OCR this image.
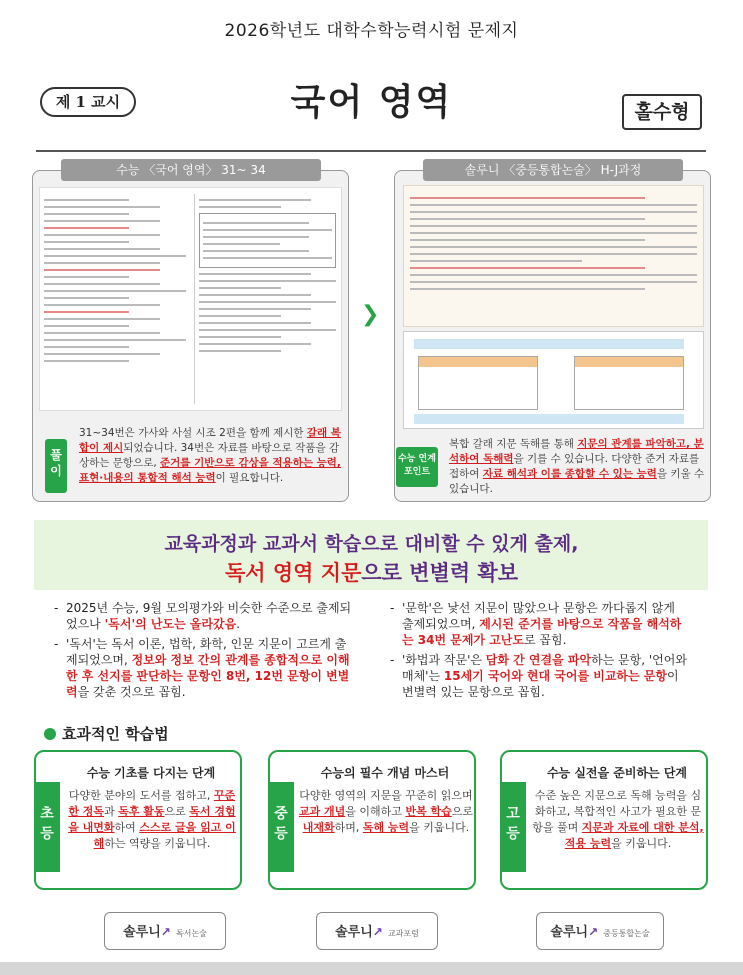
2026학년도 대학수학능력시험 문제지
제 1 교시	국어 영역	홀수형
수능 〈국어 영역〉 31~ 34
풀이
31~34번은 가사와 사설 시조 2편을 함께 제시한 갈래 복합이 제시되었습니다. 34번은 자료를 바탕으로 작품을 감상하는 문항으로, 준거를 기반으로 감상을 적용하는 능력, 표현·내용의 통합적 해석 능력이 필요합니다.
❯
솔루니 〈중등통합논술〉 H-J과정
복합 갈래 지문 독해를 통해 지문의 관계를 파악하고, 분석하여 독해력을 기를 수 있습니다. 다양한 준거 자료를 접하여 자료 해석과 이를 종합할 수 있는 능력을 키울 수 있습니다.
수능 연계 포인트
교육과정과 교과서 학습으로 대비할 수 있게 출제,
독서 영역 지문으로 변별력 확보
- 2025년 수능, 9월 모의평가와 비슷한 수준으로 출제되었으나 '독서'의 난도는 올라갔음.
- '독서'는 독서 이론, 법학, 화학, 인문 지문이 고르게 출제되었으며, 정보와 정보 간의 관계를 종합적으로 이해한 후 선지를 판단하는 문항인 8번, 12번 문항이 변별력을 갖춘 것으로 꼽힘.
- '문학'은 낯선 지문이 많았으나 문항은 까다롭지 않게 출제되었으며, 제시된 준거를 바탕으로 작품을 해석하는 34번 문제가 고난도로 꼽힘.
- '화법과 작문'은 담화 간 연결을 파악하는 문항, '언어와 매체'는 15세기 국어와 현대 국어를 비교하는 문항이 변별력 있는 문항으로 꼽힘.
효과적인 학습법
초등
수능 기초를 다지는 단계
다양한 분야의 도서를 접하고, 꾸준한 정독과 독후 활동으로 독서 경험을 내면화하여 스스로 글을 읽고 이해하는 역량을 키웁니다.
중등
수능의 필수 개념 마스터
다양한 영역의 지문을 꾸준히 읽으며 교과 개념을 이해하고 반복 학습으로 내재화하며, 독해 능력을 키웁니다.
고등
수능 실전을 준비하는 단계
수준 높은 지문으로 독해 능력을 심화하고, 복합적인 사고가 필요한 문항을 풀며 지문과 자료에 대한 분석, 적용 능력을 키웁니다.
솔루니↗ 독서논술	솔루니↗ 교과포럼	솔루니↗ 중등통합논술
